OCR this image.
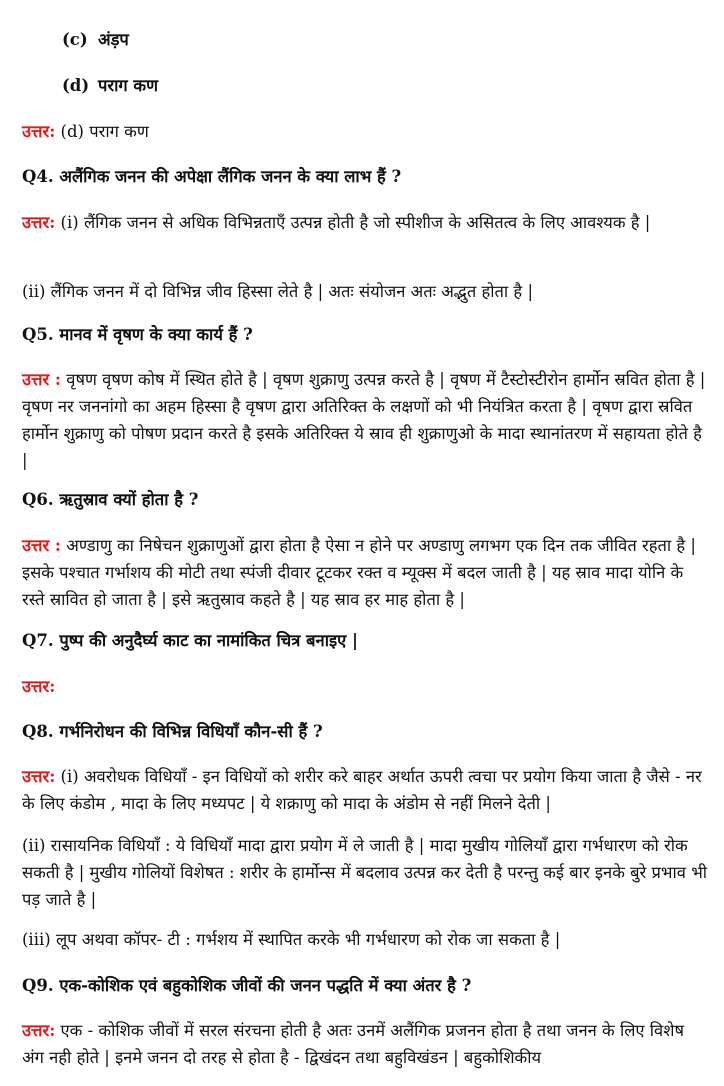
(c) अंड़प
(d) पराग कण
उत्तर: (d) पराग कण
Q4. अलैंगिक जनन की अपेक्षा लैंगिक जनन के क्या लाभ हैं ?
उत्तर: (i) लैंगिक जनन से अधिक विभिन्नताएँ उत्पन्न होती है जो स्पीशीज के असितत्व के लिए आवश्यक है |
(ii) लैंगिक जनन में दो विभिन्न जीव हिस्सा लेते है | अतः संयोजन अतः अद्भुत होता है |
Q5. मानव में वृषण के क्या कार्य हैं ?
उत्तर : वृषण वृषण कोष में स्थित होते है | वृषण शुक्राणु उत्पन्न करते है | वृषण में टैस्टोस्टीरोन हार्मोन स्रवित होता है | वृषण नर जननांगो का अहम हिस्सा है वृषण द्वारा अतिरिक्त के लक्षणों को भी नियंत्रित करता है | वृषण द्वारा स्रवित हार्मोन शुक्राणु को पोषण प्रदान करते है इसके अतिरिक्त ये स्राव ही शुक्राणुओ के मादा स्थानांतरण में सहायता होते है |
Q6. ऋतुस्राव क्यों होता है ?
उत्तर : अण्डाणु का निषेचन शुक्राणुओं द्वारा होता है ऐसा न होने पर अण्डाणु लगभग एक दिन तक जीवित रहता है | इसके पश्चात गर्भाशय की मोटी तथा स्पंजी दीवार टूटकर रक्त व म्यूक्स में बदल जाती है | यह स्राव मादा योनि के रस्ते स्रावित हो जाता है | इसे ऋतुस्राव कहते है | यह स्राव हर माह होता है |
Q7. पुष्प की अनुदैर्घ्य काट का नामांकित चित्र बनाइए |
उत्तर:
Q8. गर्भनिरोधन की विभिन्न विधियाँ कौन-सी हैं ?
उत्तर: (i) अवरोधक विधियाँ - इन विधियों को शरीर करे बाहर अर्थात ऊपरी त्वचा पर प्रयोग किया जाता है जैसे - नर के लिए कंडोम , मादा के लिए मध्यपट | ये शक्राणु को मादा के अंडोम से नहीं मिलने देती |
(ii) रासायनिक विधियाँ : ये विधियाँ मादा द्वारा प्रयोग में ले जाती है | मादा मुखीय गोलियाँ द्वारा गर्भधारण को रोक सकती है | मुखीय गोलियों विशेषत : शरीर के हार्मोन्स में बदलाव उत्पन्न कर देती है परन्तु कई बार इनके बुरे प्रभाव भी पड़ जाते है |
(iii) लूप अथवा कॉपर- टी : गर्भशय में स्थापित करके भी गर्भधारण को रोक जा सकता है |
Q9. एक-कोशिक एवं बहुकोशिक जीवों की जनन पद्धति में क्या अंतर है ?
उत्तर: एक - कोशिक जीवों में सरल संरचना होती है अतः उनमें अलैंगिक प्रजनन होता है तथा जनन के लिए विशेष अंग नही होते | इनमे जनन दो तरह से होता है - द्विखंदन तथा बहुविखंडन | बहुकोशिकीय
